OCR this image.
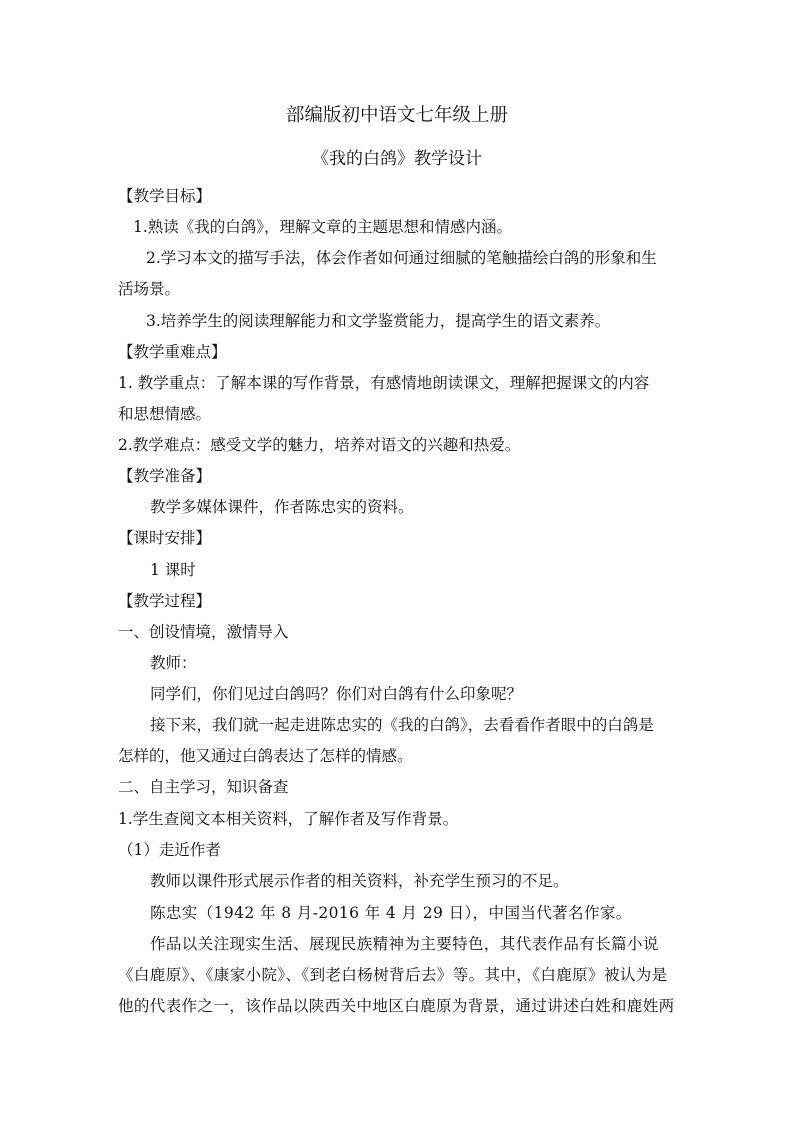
部编版初中语文七年级上册
《我的白鸽》教学设计
【教学目标】
1.熟读《我的白鸽》，理解文章的主题思想和情感内涵。
2.学习本文的描写手法，体会作者如何通过细腻的笔触描绘白鸽的形象和生
活场景。
3.培养学生的阅读理解能力和文学鉴赏能力，提高学生的语文素养。
【教学重难点】
1. 教学重点：了解本课的写作背景，有感情地朗读课文，理解把握课文的内容
和思想情感。
2.教学难点：感受文学的魅力，培养对语文的兴趣和热爱。
【教学准备】
教学多媒体课件，作者陈忠实的资料。
【课时安排】
1 课时
【教学过程】
一、创设情境，激情导入
教师：
同学们，你们见过白鸽吗？你们对白鸽有什么印象呢？
接下来，我们就一起走进陈忠实的《我的白鸽》，去看看作者眼中的白鸽是
怎样的，他又通过白鸽表达了怎样的情感。
二、自主学习，知识备查
1.学生查阅文本相关资料，了解作者及写作背景。
（1）走近作者
教师以课件形式展示作者的相关资料，补充学生预习的不足。
陈忠实（1942 年 8 月-2016 年 4 月 29 日），中国当代著名作家。
作品以关注现实生活、展现民族精神为主要特色，其代表作品有长篇小说
《白鹿原》、《康家小院》、《到老白杨树背后去》等。其中，《白鹿原》被认为是
他的代表作之一，该作品以陕西关中地区白鹿原为背景，通过讲述白姓和鹿姓两
